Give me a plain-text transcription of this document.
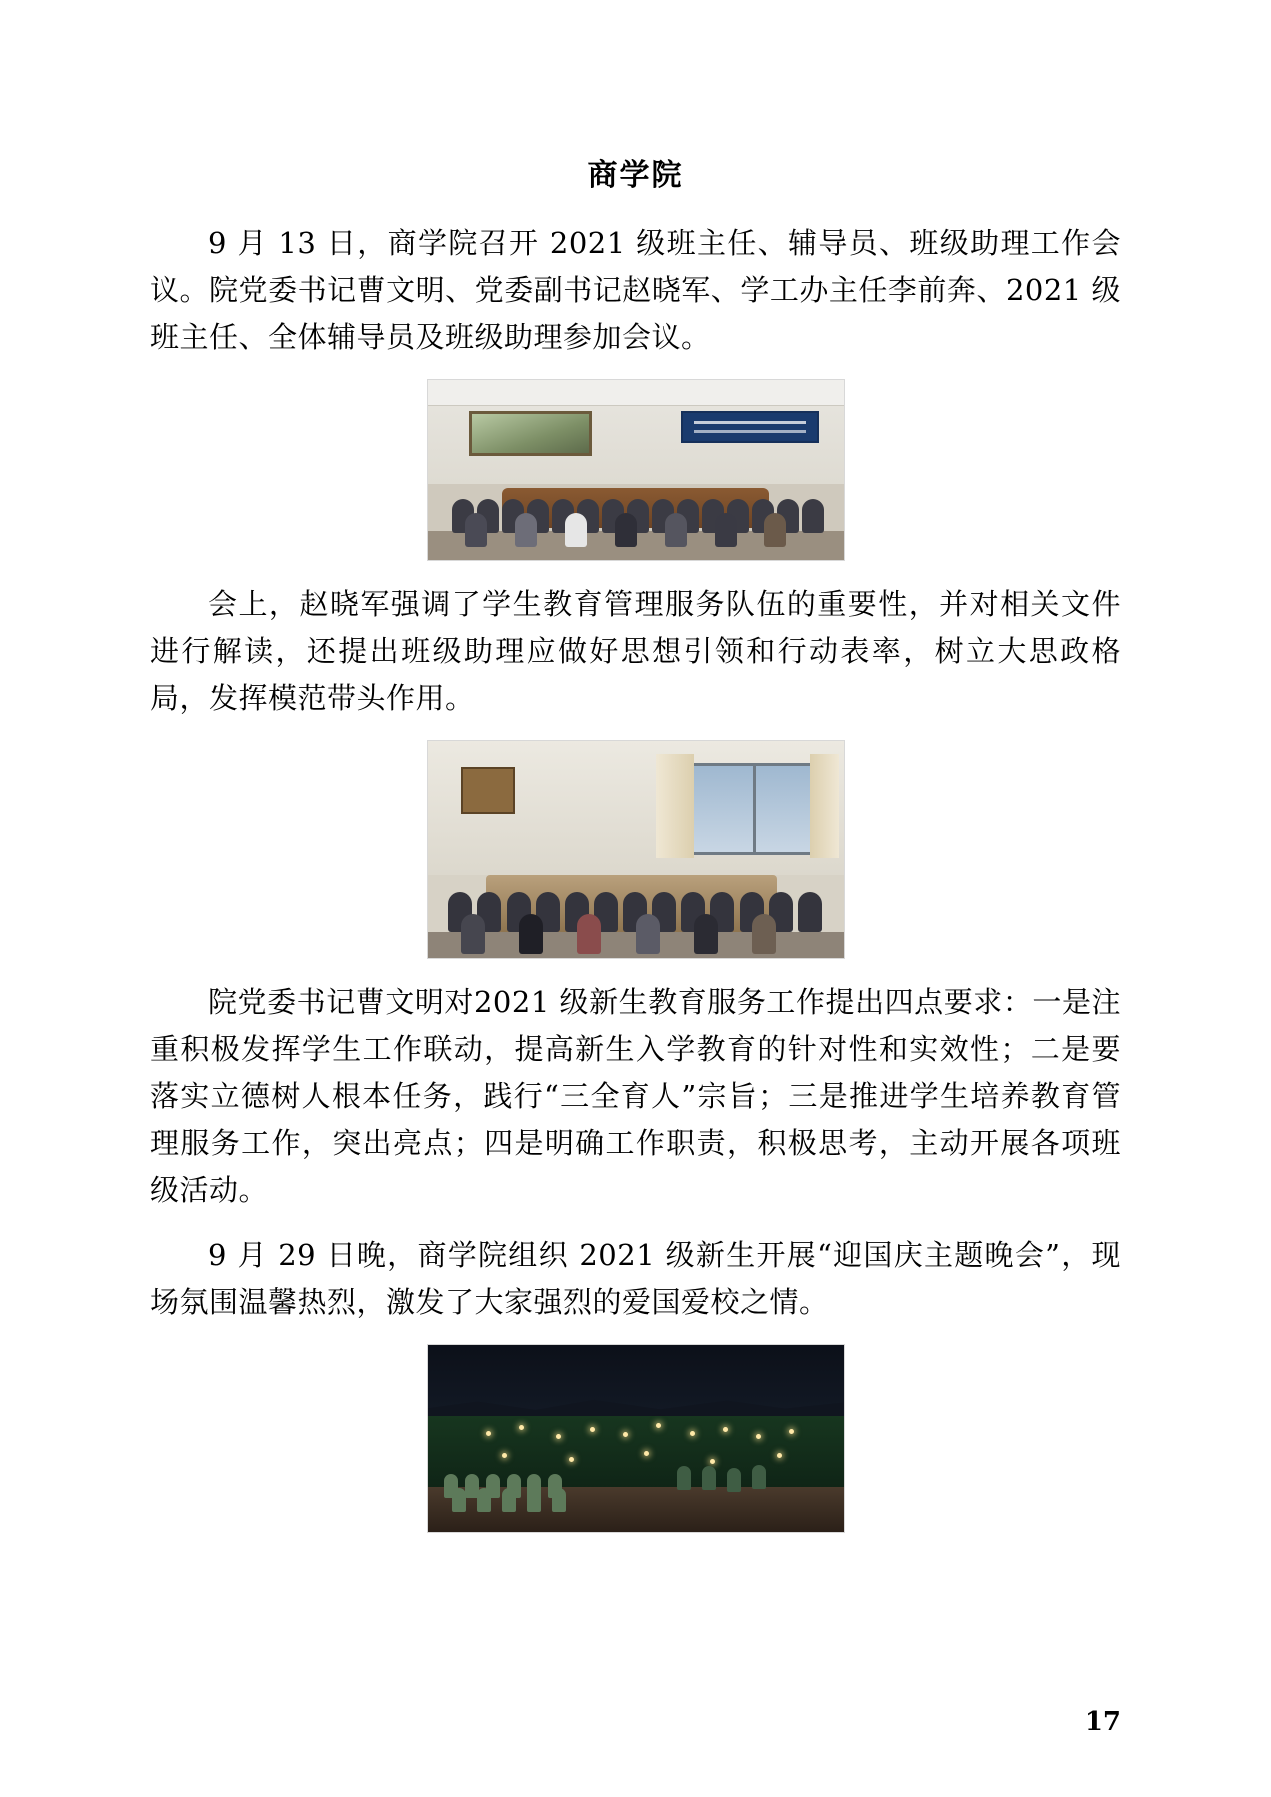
商学院

9 月 13 日，商学院召开 2021 级班主任、辅导员、班级助理工作会议。院党委书记曹文明、党委副书记赵晓军、学工办主任李前奔、2021 级班主任、全体辅导员及班级助理参加会议。

会上，赵晓军强调了学生教育管理服务队伍的重要性，并对相关文件进行解读，还提出班级助理应做好思想引领和行动表率，树立大思政格局，发挥模范带头作用。

院党委书记曹文明对2021 级新生教育服务工作提出四点要求：一是注重积极发挥学生工作联动，提高新生入学教育的针对性和实效性；二是要落实立德树人根本任务，践行“三全育人”宗旨；三是推进学生培养教育管理服务工作，突出亮点；四是明确工作职责，积极思考，主动开展各项班级活动。

9 月 29 日晚，商学院组织 2021 级新生开展“迎国庆主题晚会”，现场氛围温馨热烈，激发了大家强烈的爱国爱校之情。

17
